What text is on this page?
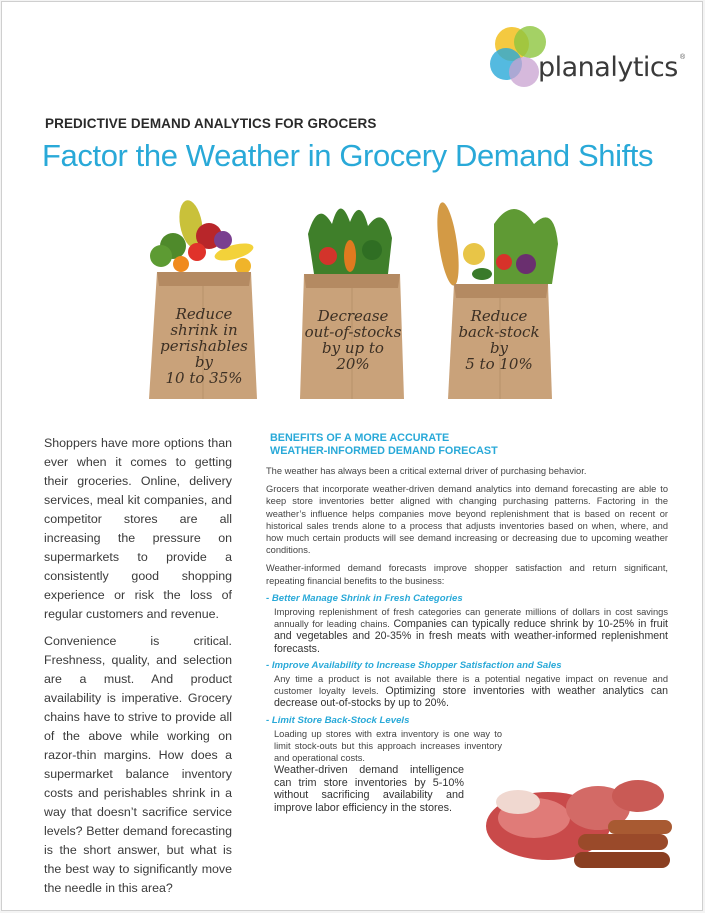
planalytics ®
PREDICTIVE DEMAND ANALYTICS FOR GROCERS
Factor the Weather in Grocery Demand Shifts
Reduce
shrink in
perishables
by
10 to 35%
Decrease
out-of-stocks
by up to
20%
Reduce
back-stock
by
5 to 10%

Shoppers have more options than ever when it comes to getting their groceries. Online, delivery services, meal kit companies, and competitor stores are all increasing the pressure on supermarkets to provide a consistently good shopping experience or risk the loss of regular customers and revenue.

Convenience is critical. Freshness, quality, and selection are a must. And product availability is imperative. Grocery chains have to strive to provide all of the above while working on razor-thin margins. How does a supermarket balance inventory costs and perishables shrink in a way that doesn’t sacrifice service levels? Better demand forecasting is the short answer, but what is the best way to significantly move the needle in this area?

BENEFITS OF A MORE ACCURATE
WEATHER-INFORMED DEMAND FORECAST

The weather has always been a critical external driver of purchasing behavior.

Grocers that incorporate weather-driven demand analytics into demand forecasting are able to keep store inventories better aligned with changing purchasing patterns. Factoring in the weather’s influence helps companies move beyond replenishment that is based on recent or historical sales trends alone to a process that adjusts inventories based on when, where, and how much certain products will see demand increasing or decreasing due to upcoming weather conditions.

Weather-informed demand forecasts improve shopper satisfaction and return significant, repeating financial benefits to the business:

- Better Manage Shrink in Fresh Categories
Improving replenishment of fresh categories can generate millions of dollars in cost savings annually for leading chains. Companies can typically reduce shrink by 10-25% in fruit and vegetables and 20-35% in fresh meats with weather-informed replenishment forecasts.
- Improve Availability to Increase Shopper Satisfaction and Sales
Any time a product is not available there is a potential negative impact on revenue and customer loyalty levels. Optimizing store inventories with weather analytics can decrease out-of-stocks by up to 20%.
- Limit Store Back-Stock Levels
Loading up stores with extra inventory is one way to limit stock-outs but this approach increases inventory and operational costs.
Weather-driven demand intelligence can trim store inventories by 5-10% without sacrificing availability and improve labor efficiency in the stores.
